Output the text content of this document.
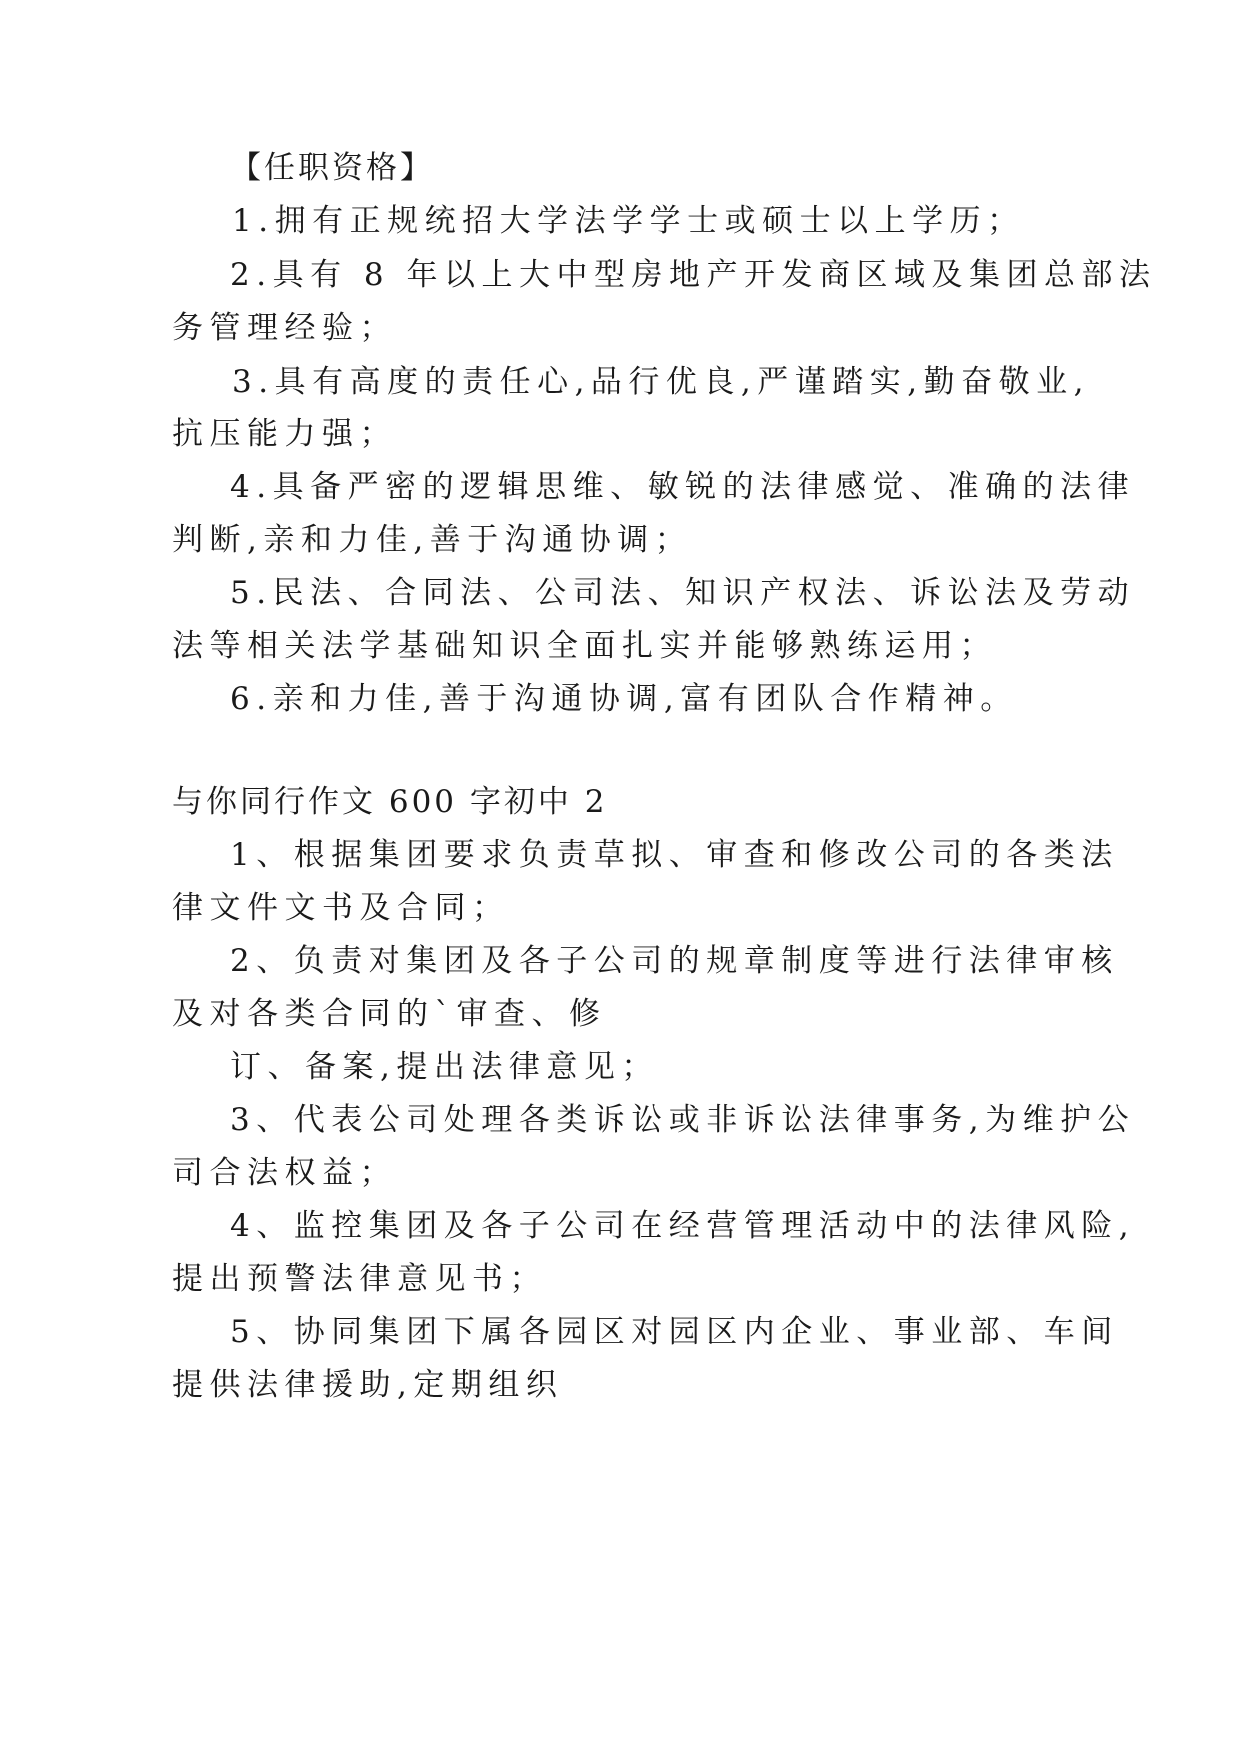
【任职资格】
1.拥有正规统招大学法学学士或硕士以上学历；
2.具有 8 年以上大中型房地产开发商区域及集团总部法
务管理经验；
3.具有高度的责任心,品行优良,严谨踏实,勤奋敬业,
抗压能力强；
4.具备严密的逻辑思维、敏锐的法律感觉、准确的法律
判断,亲和力佳,善于沟通协调；
5.民法、合同法、公司法、知识产权法、诉讼法及劳动
法等相关法学基础知识全面扎实并能够熟练运用；
6.亲和力佳,善于沟通协调,富有团队合作精神。
与你同行作文 600 字初中 2
1、根据集团要求负责草拟、审查和修改公司的各类法
律文件文书及合同；
2、负责对集团及各子公司的规章制度等进行法律审核
及对各类合同的`审查、修
订、备案,提出法律意见；
3、代表公司处理各类诉讼或非诉讼法律事务,为维护公
司合法权益；
4、监控集团及各子公司在经营管理活动中的法律风险,
提出预警法律意见书；
5、协同集团下属各园区对园区内企业、事业部、车间
提供法律援助,定期组织
